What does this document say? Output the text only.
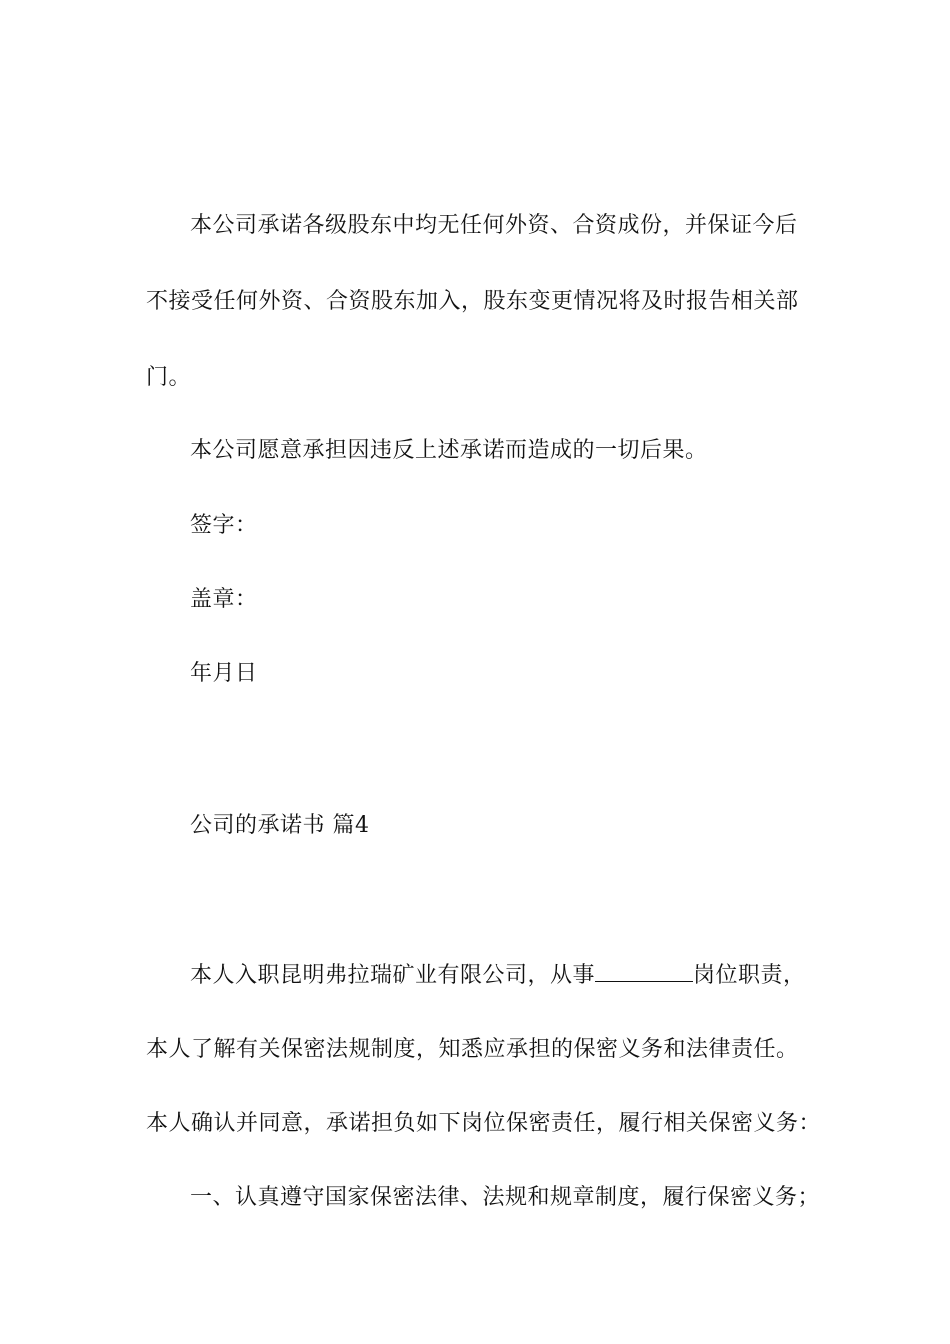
本公司承诺各级股东中均无任何外资、合资成份，并保证今后
不接受任何外资、合资股东加入，股东变更情况将及时报告相关部
门。
本公司愿意承担因违反上述承诺而造成的一切后果。
签字：
盖章：
年月日
公司的承诺书 篇4
本人入职昆明弗拉瑞矿业有限公司，从事	岗位职责，
本人了解有关保密法规制度，知悉应承担的保密义务和法律责任。
本人确认并同意，承诺担负如下岗位保密责任，履行相关保密义务：
一、认真遵守国家保密法律、法规和规章制度，履行保密义务；
